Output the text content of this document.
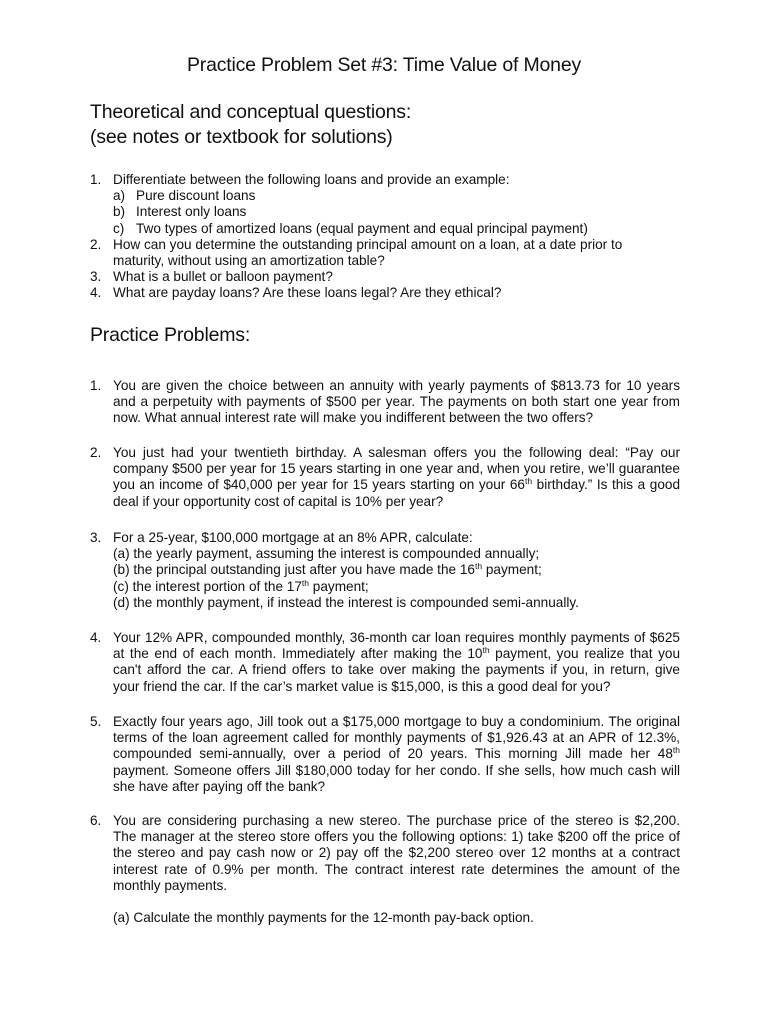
Practice Problem Set #3: Time Value of Money
Theoretical and conceptual questions:
(see notes or textbook for solutions)
1. Differentiate between the following loans and provide an example:
a) Pure discount loans
b) Interest only loans
c) Two types of amortized loans (equal payment and equal principal payment)
2. How can you determine the outstanding principal amount on a loan, at a date prior to
maturity, without using an amortization table?
3. What is a bullet or balloon payment?
4. What are payday loans? Are these loans legal? Are they ethical?
Practice Problems:
1. You are given the choice between an annuity with yearly payments of $813.73 for 10 years
and a perpetuity with payments of $500 per year. The payments on both start one year from
now. What annual interest rate will make you indifferent between the two offers?
2. You just had your twentieth birthday. A salesman offers you the following deal: “Pay our
company $500 per year for 15 years starting in one year and, when you retire, we’ll guarantee
you an income of $40,000 per year for 15 years starting on your 66th birthday.” Is this a good
deal if your opportunity cost of capital is 10% per year?
3. For a 25-year, $100,000 mortgage at an 8% APR, calculate:
(a) the yearly payment, assuming the interest is compounded annually;
(b) the principal outstanding just after you have made the 16th payment;
(c) the interest portion of the 17th payment;
(d) the monthly payment, if instead the interest is compounded semi-annually.
4. Your 12% APR, compounded monthly, 36-month car loan requires monthly payments of $625
at the end of each month. Immediately after making the 10th payment, you realize that you
can't afford the car. A friend offers to take over making the payments if you, in return, give
your friend the car. If the car’s market value is $15,000, is this a good deal for you?
5. Exactly four years ago, Jill took out a $175,000 mortgage to buy a condominium. The original
terms of the loan agreement called for monthly payments of $1,926.43 at an APR of 12.3%,
compounded semi-annually, over a period of 20 years. This morning Jill made her 48th
payment. Someone offers Jill $180,000 today for her condo. If she sells, how much cash will
she have after paying off the bank?
6. You are considering purchasing a new stereo. The purchase price of the stereo is $2,200.
The manager at the stereo store offers you the following options: 1) take $200 off the price of
the stereo and pay cash now or 2) pay off the $2,200 stereo over 12 months at a contract
interest rate of 0.9% per month. The contract interest rate determines the amount of the
monthly payments.
(a) Calculate the monthly payments for the 12-month pay-back option.
